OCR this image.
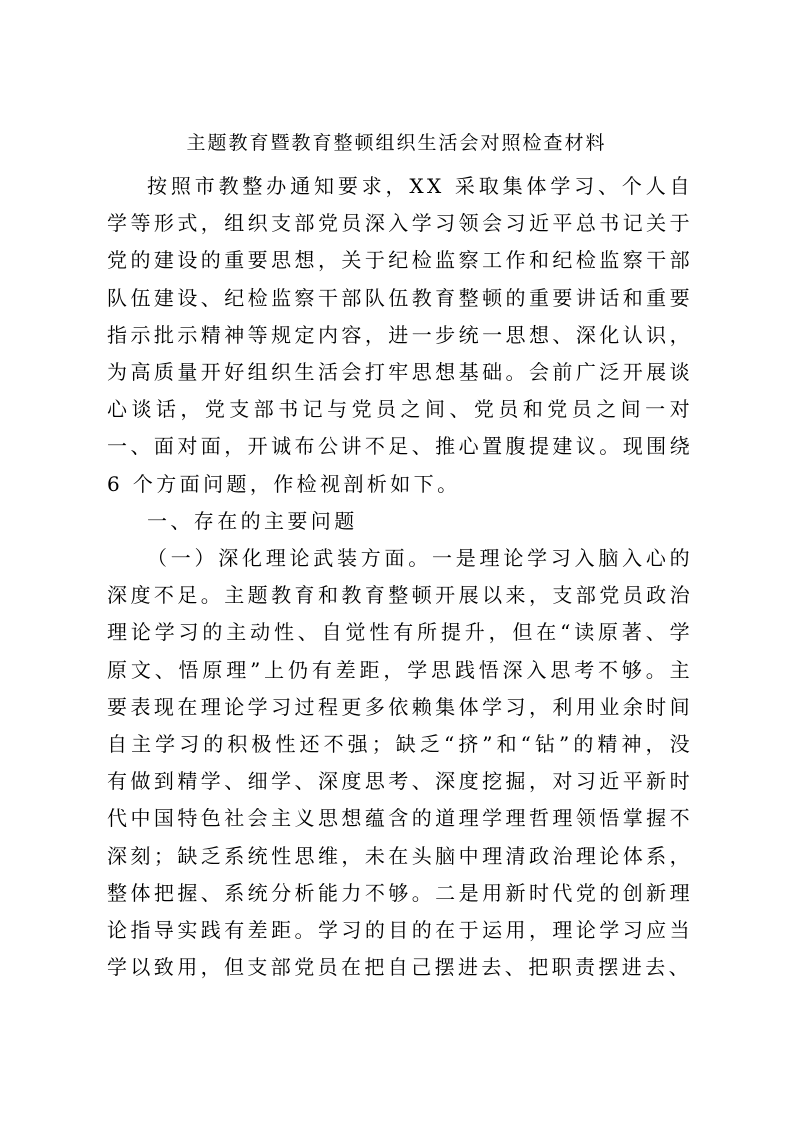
主题教育暨教育整顿组织生活会对照检查材料

按照市教整办通知要求，XX 采取集体学习、个人自学等形式，组织支部党员深入学习领会习近平总书记关于党的建设的重要思想，关于纪检监察工作和纪检监察干部队伍建设、纪检监察干部队伍教育整顿的重要讲话和重要指示批示精神等规定内容，进一步统一思想、深化认识，为高质量开好组织生活会打牢思想基础。会前广泛开展谈心谈话，党支部书记与党员之间、党员和党员之间一对一、面对面，开诚布公讲不足、推心置腹提建议。现围绕 6 个方面问题，作检视剖析如下。

一、存在的主要问题

（一）深化理论武装方面。一是理论学习入脑入心的深度不足。主题教育和教育整顿开展以来，支部党员政治理论学习的主动性、自觉性有所提升，但在“读原著、学原文、悟原理”上仍有差距，学思践悟深入思考不够。主要表现在理论学习过程更多依赖集体学习，利用业余时间自主学习的积极性还不强；缺乏“挤”和“钻”的精神，没有做到精学、细学、深度思考、深度挖掘，对习近平新时代中国特色社会主义思想蕴含的道理学理哲理领悟掌握不深刻；缺乏系统性思维，未在头脑中理清政治理论体系，整体把握、系统分析能力不够。二是用新时代党的创新理论指导实践有差距。学习的目的在于运用，理论学习应当学以致用，但支部党员在把自己摆进去、把职责摆进去、
